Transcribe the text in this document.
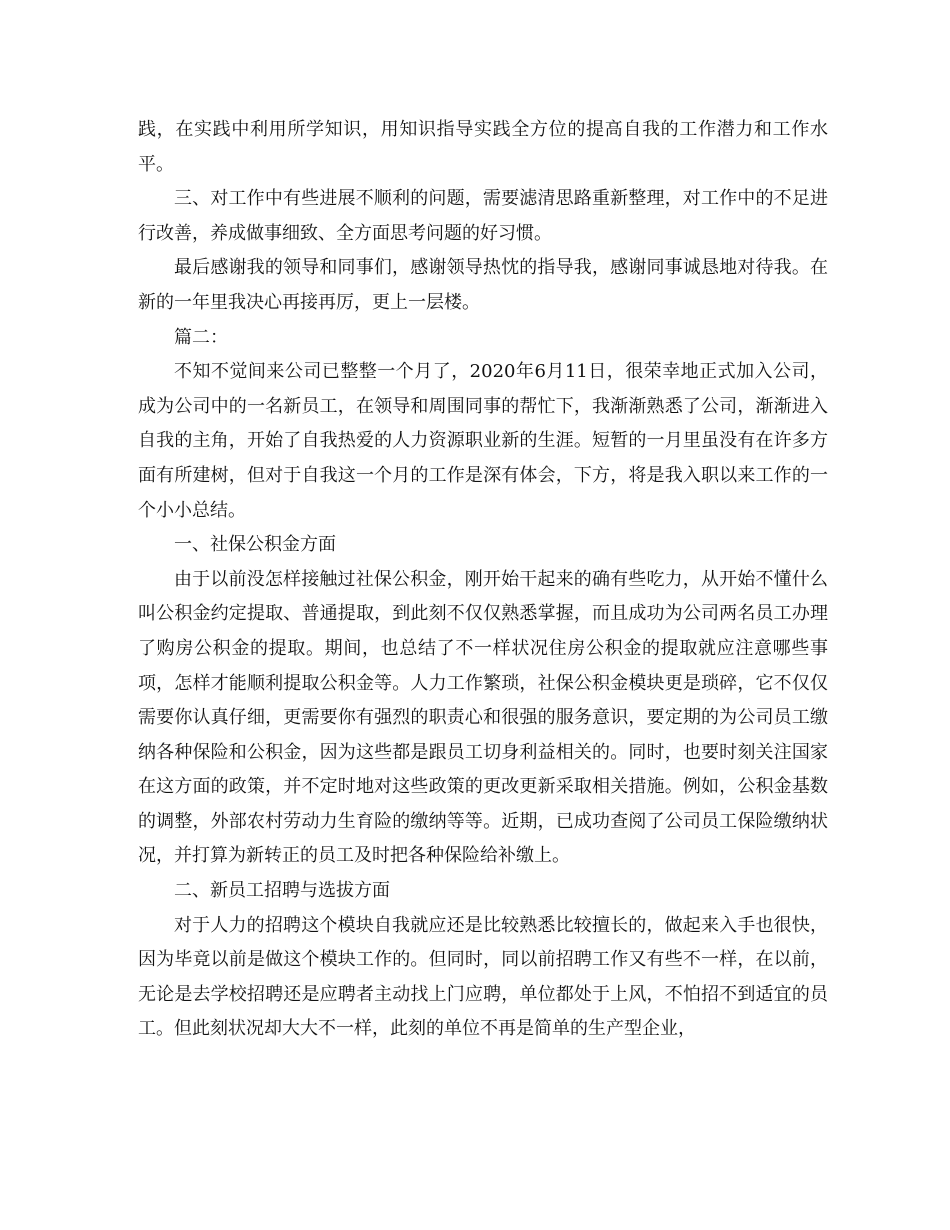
践，在实践中利用所学知识，用知识指导实践全方位的提高自我的工作潜力和工作水平。

三、对工作中有些进展不顺利的问题，需要滤清思路重新整理，对工作中的不足进行改善，养成做事细致、全方面思考问题的好习惯。

最后感谢我的领导和同事们，感谢领导热忱的指导我，感谢同事诚恳地对待我。在新的一年里我决心再接再厉，更上一层楼。

篇二：

不知不觉间来公司已整整一个月了，2020年6月11日，很荣幸地正式加入公司，成为公司中的一名新员工，在领导和周围同事的帮忙下，我渐渐熟悉了公司，渐渐进入自我的主角，开始了自我热爱的人力资源职业新的生涯。短暂的一月里虽没有在许多方面有所建树，但对于自我这一个月的工作是深有体会，下方，将是我入职以来工作的一个小小总结。

一、社保公积金方面

由于以前没怎样接触过社保公积金，刚开始干起来的确有些吃力，从开始不懂什么叫公积金约定提取、普通提取，到此刻不仅仅熟悉掌握，而且成功为公司两名员工办理了购房公积金的提取。期间，也总结了不一样状况住房公积金的提取就应注意哪些事项，怎样才能顺利提取公积金等。人力工作繁琐，社保公积金模块更是琐碎，它不仅仅需要你认真仔细，更需要你有强烈的职责心和很强的服务意识，要定期的为公司员工缴纳各种保险和公积金，因为这些都是跟员工切身利益相关的。同时，也要时刻关注国家在这方面的政策，并不定时地对这些政策的更改更新采取相关措施。例如，公积金基数的调整，外部农村劳动力生育险的缴纳等等。近期，已成功查阅了公司员工保险缴纳状况，并打算为新转正的员工及时把各种保险给补缴上。

二、新员工招聘与选拔方面

对于人力的招聘这个模块自我就应还是比较熟悉比较擅长的，做起来入手也很快，因为毕竟以前是做这个模块工作的。但同时，同以前招聘工作又有些不一样，在以前，无论是去学校招聘还是应聘者主动找上门应聘，单位都处于上风，不怕招不到适宜的员工。但此刻状况却大大不一样，此刻的单位不再是简单的生产型企业，
